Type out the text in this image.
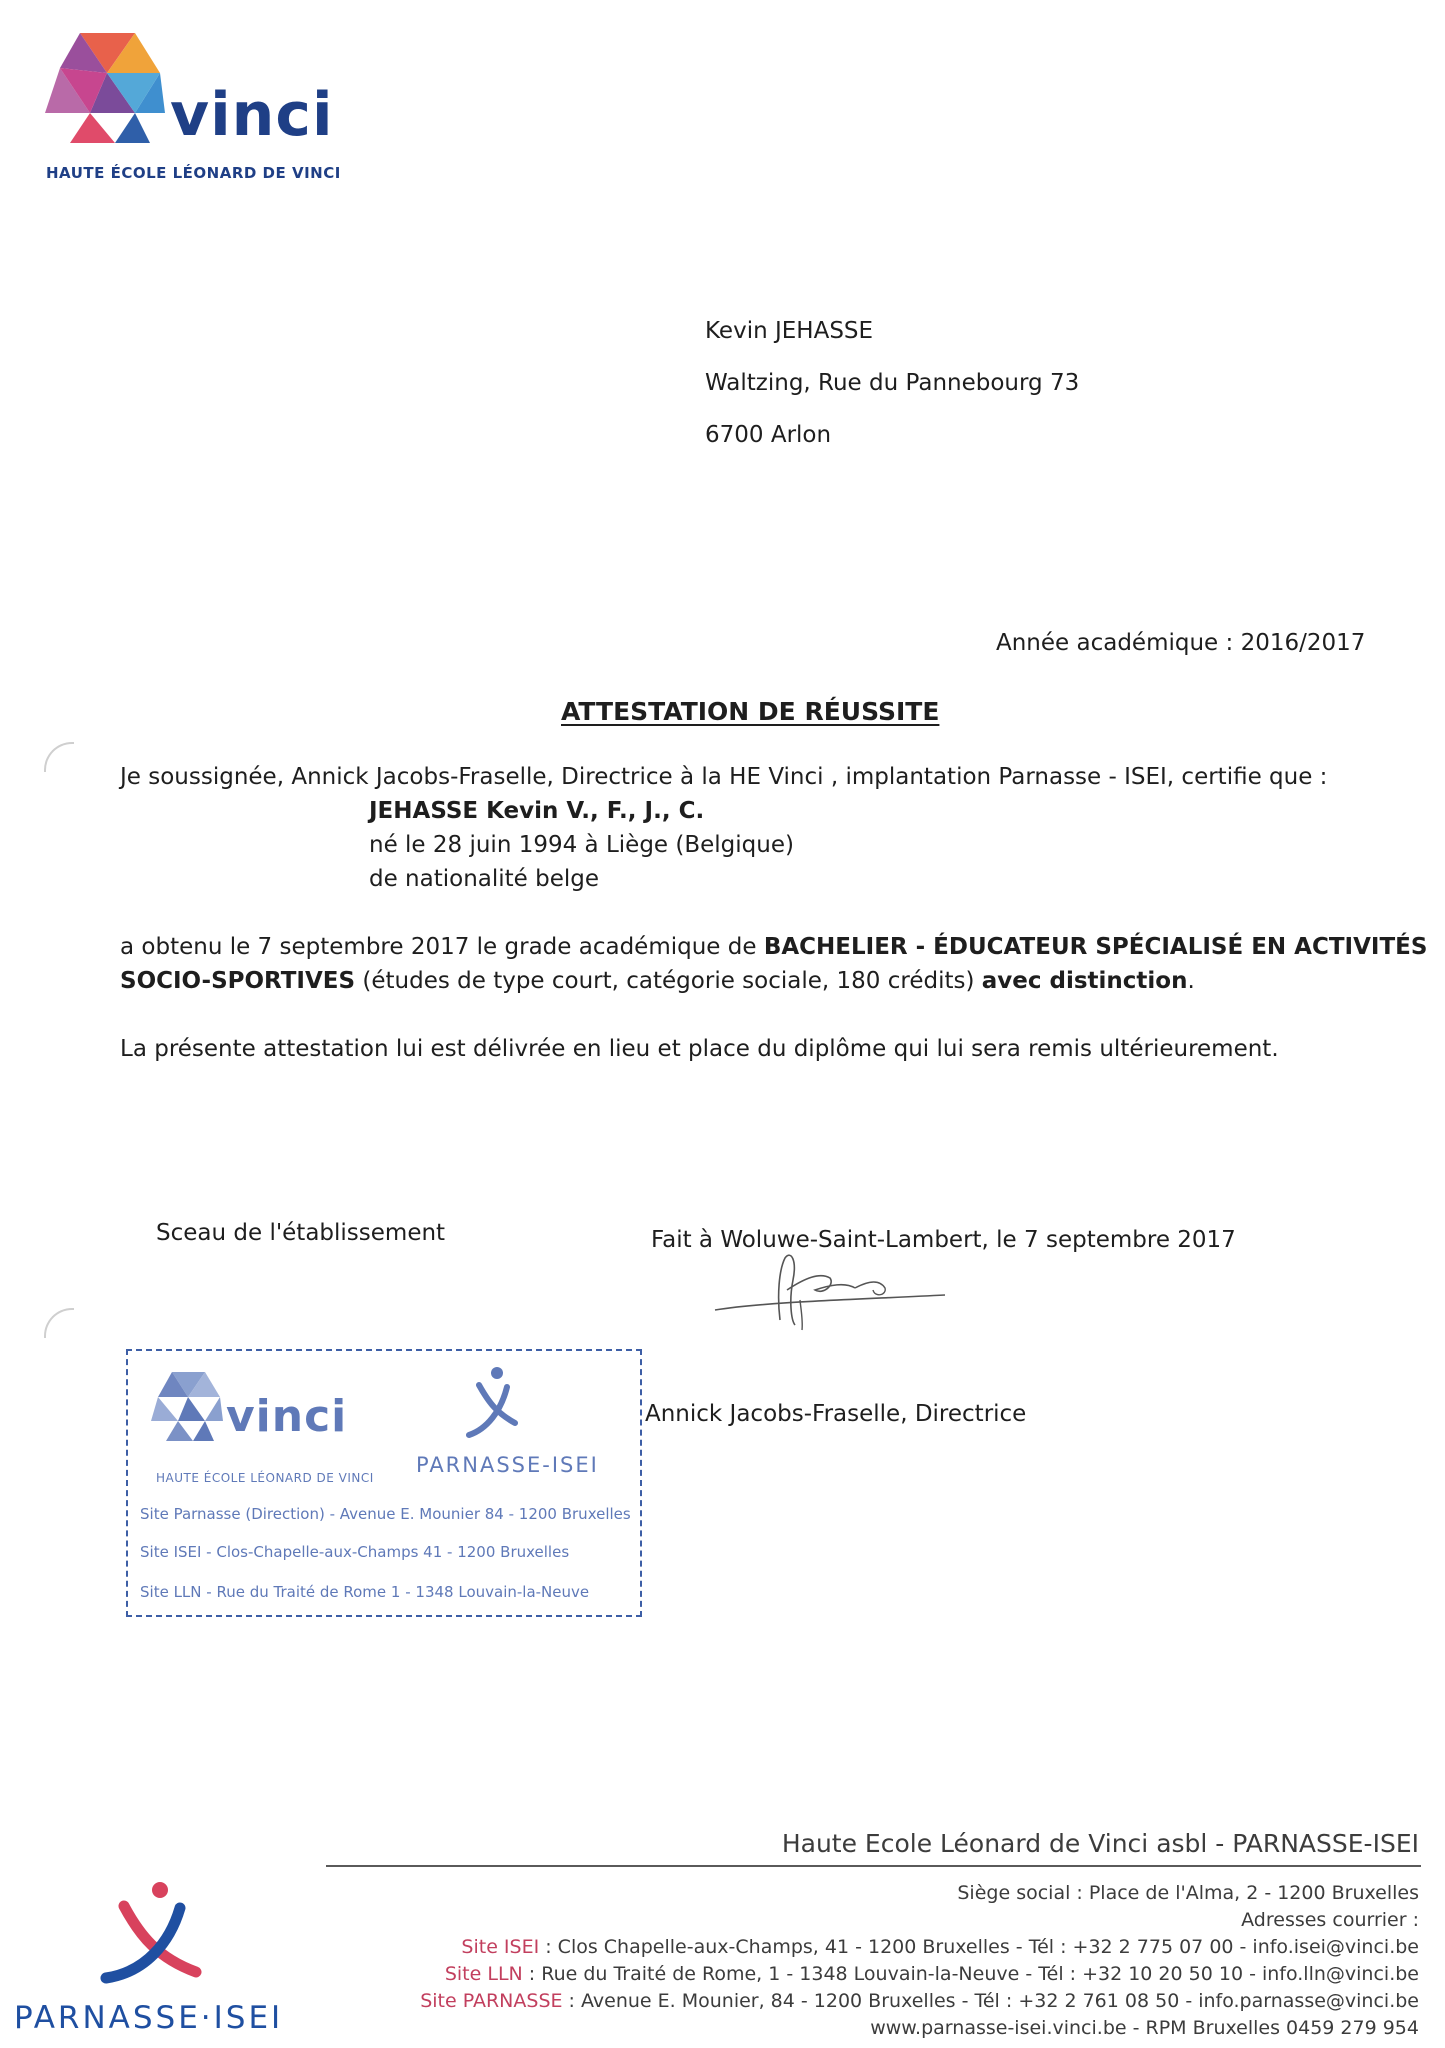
vinci
HAUTE ÉCOLE LÉONARD DE VINCI
Kevin JEHASSE
Waltzing, Rue du Pannebourg 73
6700 Arlon
Année académique : 2016/2017
ATTESTATION DE RÉUSSITE
Je soussignée, Annick Jacobs-Fraselle, Directrice à la HE Vinci , implantation Parnasse - ISEI, certifie que :
JEHASSE Kevin V., F., J., C.
né le 28 juin 1994 à Liège (Belgique)
de nationalité belge
a obtenu le 7 septembre 2017 le grade académique de BACHELIER - ÉDUCATEUR SPÉCIALISÉ EN ACTIVITÉS
SOCIO-SPORTIVES (études de type court, catégorie sociale, 180 crédits) avec distinction.
La présente attestation lui est délivrée en lieu et place du diplôme qui lui sera remis ultérieurement.
Sceau de l'établissement	Fait à Woluwe-Saint-Lambert, le 7 septembre 2017
Annick Jacobs-Fraselle, Directrice
vinci
HAUTE ÉCOLE LÉONARD DE VINCI
PARNASSE-ISEI
Site Parnasse (Direction) - Avenue E. Mounier 84 - 1200 Bruxelles
Site ISEI - Clos-Chapelle-aux-Champs 41 - 1200 Bruxelles
Site LLN - Rue du Traité de Rome 1 - 1348 Louvain-la-Neuve
Haute Ecole Léonard de Vinci asbl - PARNASSE-ISEI
Siège social : Place de l'Alma, 2 - 1200 Bruxelles
Adresses courrier :
Site ISEI : Clos Chapelle-aux-Champs, 41 - 1200 Bruxelles - Tél : +32 2 775 07 00 - info.isei@vinci.be
Site LLN : Rue du Traité de Rome, 1 - 1348 Louvain-la-Neuve - Tél : +32 10 20 50 10 - info.lln@vinci.be
Site PARNASSE : Avenue E. Mounier, 84 - 1200 Bruxelles - Tél : +32 2 761 08 50 - info.parnasse@vinci.be
www.parnasse-isei.vinci.be - RPM Bruxelles 0459 279 954
PARNASSE·ISEI
